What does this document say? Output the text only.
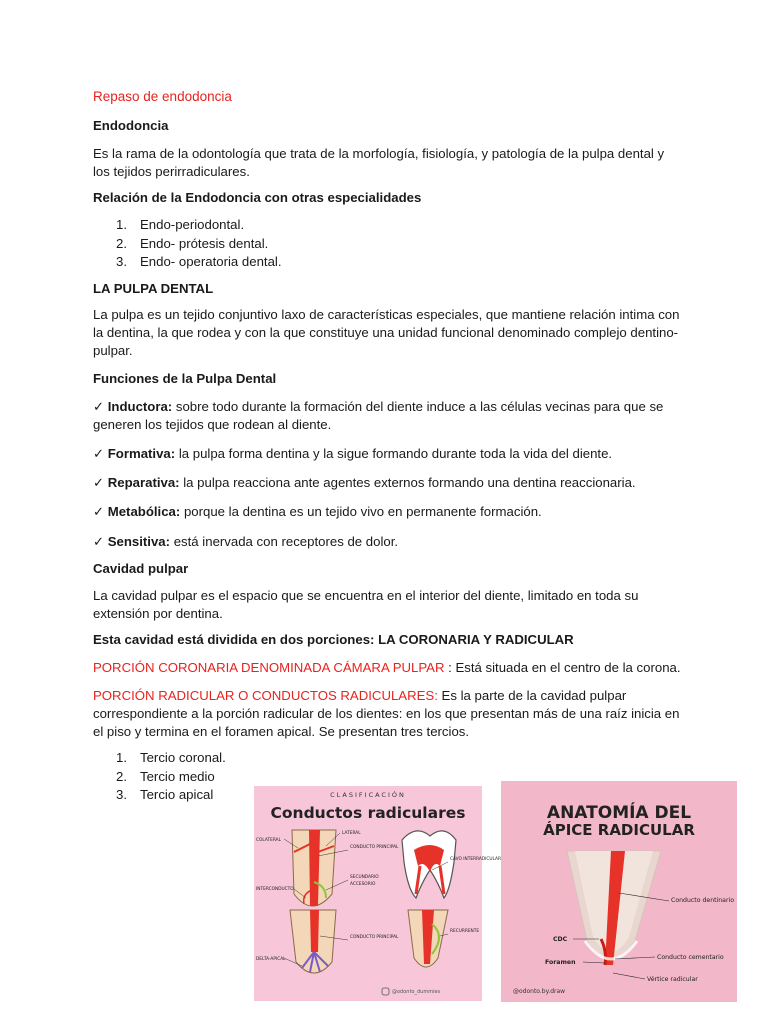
Repaso de endodoncia

Endodoncia

Es la rama de la odontología que trata de la morfología, fisiología, y patología de la pulpa dental y los tejidos perirradiculares.

Relación de la Endodoncia con otras especialidades

1. Endo-periodontal.
2. Endo- prótesis dental.
3. Endo- operatoria dental.

LA PULPA DENTAL

La pulpa es un tejido conjuntivo laxo de características especiales, que mantiene relación intima con la dentina, la que rodea y con la que constituye una unidad funcional denominado complejo dentino-pulpar.

Funciones de la Pulpa Dental

✓ Inductora: sobre todo durante la formación del diente induce a las células vecinas para que se generen los tejidos que rodean al diente.

✓ Formativa: la pulpa forma dentina y la sigue formando durante toda la vida del diente.

✓ Reparativa: la pulpa reacciona ante agentes externos formando una dentina reaccionaria.

✓ Metabólica: porque la dentina es un tejido vivo en permanente formación.

✓ Sensitiva: está inervada con receptores de dolor.

Cavidad pulpar

La cavidad pulpar es el espacio que se encuentra en el interior del diente, limitado en toda su extensión por dentina.

Esta cavidad está dividida en dos porciones: LA CORONARIA Y RADICULAR

PORCIÓN CORONARIA DENOMINADA CÁMARA PULPAR : Está situada en el centro de la corona.

PORCIÓN RADICULAR O CONDUCTOS RADICULARES: Es la parte de la cavidad pulpar correspondiente a la porción radicular de los dientes: en los que presentan más de una raíz inicia en el piso y termina en el foramen apical. Se presentan tres tercios.

1. Tercio coronal.
2. Tercio medio
3. Tercio apical	CLASIFICACIÓN
Conductos radiculares
COLATERAL
LATERAL
CONDUCTO PRINCIPAL
SECUNDARIO
ACCESORIO
INTERCONDUCTO
CAVO INTERRADICULAR
CONDUCTO PRINCIPAL
RECURRENTE
DELTA-APICAL
@odonto_dummies
ANATOMÍA DEL
ÁPICE RADICULAR
Conducto dentinario
CDC
Conducto cementario
Foramen
Vértice radicular
@odonto.by.draw
